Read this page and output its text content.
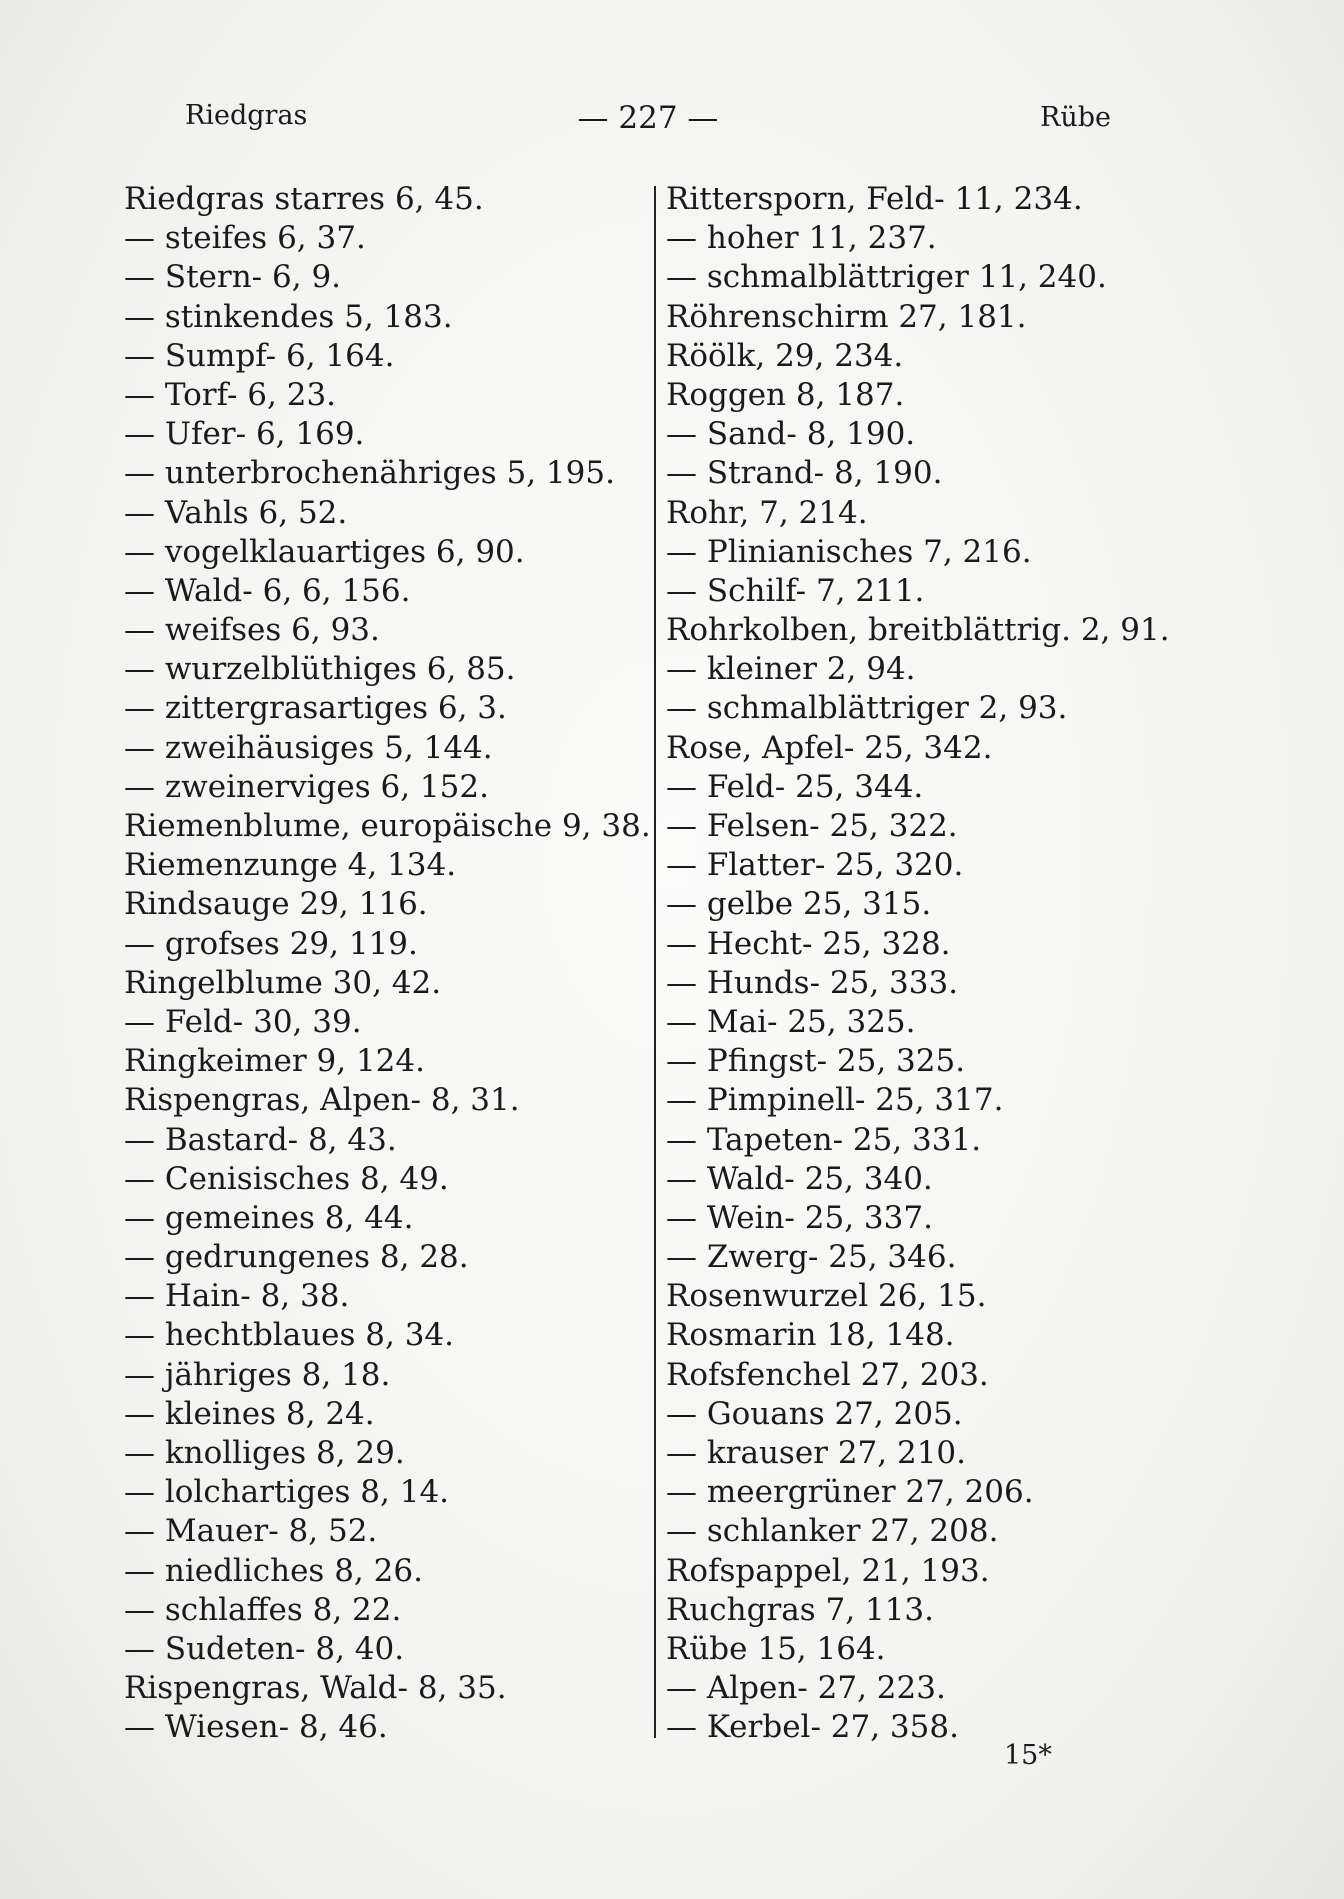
Riedgras	— 227 —	Rübe
Riedgras starres 6, 45.
— steifes 6, 37.
— Stern- 6, 9.
— stinkendes 5, 183.
— Sumpf- 6, 164.
— Torf- 6, 23.
— Ufer- 6, 169.
— unterbrochenähriges 5, 195.
— Vahls 6, 52.
— vogelklauartiges 6, 90.
— Wald- 6, 6, 156.
— weifses 6, 93.
— wurzelblüthiges 6, 85.
— zittergrasartiges 6, 3.
— zweihäusiges 5, 144.
— zweinerviges 6, 152.
Riemenblume, europäische 9, 38.
Riemenzunge 4, 134.
Rindsauge 29, 116.
— grofses 29, 119.
Ringelblume 30, 42.
— Feld- 30, 39.
Ringkeimer 9, 124.
Rispengras, Alpen- 8, 31.
— Bastard- 8, 43.
— Cenisisches 8, 49.
— gemeines 8, 44.
— gedrungenes 8, 28.
— Hain- 8, 38.
— hechtblaues 8, 34.
— jähriges 8, 18.
— kleines 8, 24.
— knolliges 8, 29.
— lolchartiges 8, 14.
— Mauer- 8, 52.
— niedliches 8, 26.
— schlaffes 8, 22.
— Sudeten- 8, 40.
Rispengras, Wald- 8, 35.
— Wiesen- 8, 46.
Rittersporn, Feld- 11, 234.
— hoher 11, 237.
— schmalblättriger 11, 240.
Röhrenschirm 27, 181.
Röölk, 29, 234.
Roggen 8, 187.
— Sand- 8, 190.
— Strand- 8, 190.
Rohr, 7, 214.
— Plinianisches 7, 216.
— Schilf- 7, 211.
Rohrkolben, breitblättrig. 2, 91.
— kleiner 2, 94.
— schmalblättriger 2, 93.
Rose, Apfel- 25, 342.
— Feld- 25, 344.
— Felsen- 25, 322.
— Flatter- 25, 320.
— gelbe 25, 315.
— Hecht- 25, 328.
— Hunds- 25, 333.
— Mai- 25, 325.
— Pfingst- 25, 325.
— Pimpinell- 25, 317.
— Tapeten- 25, 331.
— Wald- 25, 340.
— Wein- 25, 337.
— Zwerg- 25, 346.
Rosenwurzel 26, 15.
Rosmarin 18, 148.
Rofsfenchel 27, 203.
— Gouans 27, 205.
— krauser 27, 210.
— meergrüner 27, 206.
— schlanker 27, 208.
Rofspappel, 21, 193.
Ruchgras 7, 113.
Rübe 15, 164.
— Alpen- 27, 223.
— Kerbel- 27, 358.
15*
